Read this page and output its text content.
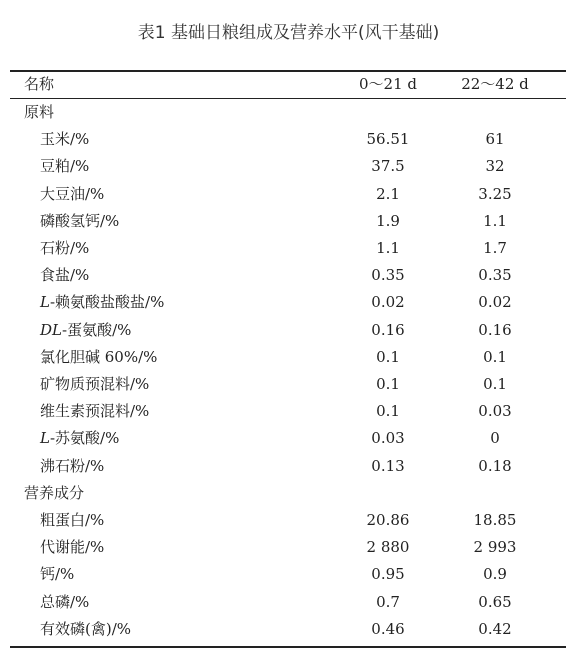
表1 基础日粮组成及营养水平(风干基础)
名称	0～21 d	22～42 d
原料
玉米/%	56.51	61
豆粕/%	37.5	32
大豆油/%	2.1	3.25
磷酸氢钙/%	1.9	1.1
石粉/%	1.1	1.7
食盐/%	0.35	0.35
L-赖氨酸盐酸盐/%	0.02	0.02
DL-蛋氨酸/%	0.16	0.16
氯化胆碱 60%/%	0.1	0.1
矿物质预混料/%	0.1	0.1
维生素预混料/%	0.1	0.03
L-苏氨酸/%	0.03	0
沸石粉/%	0.13	0.18
营养成分
粗蛋白/%	20.86	18.85
代谢能/%	2 880	2 993
钙/%	0.95	0.9
总磷/%	0.7	0.65
有效磷(禽)/%	0.46	0.42
